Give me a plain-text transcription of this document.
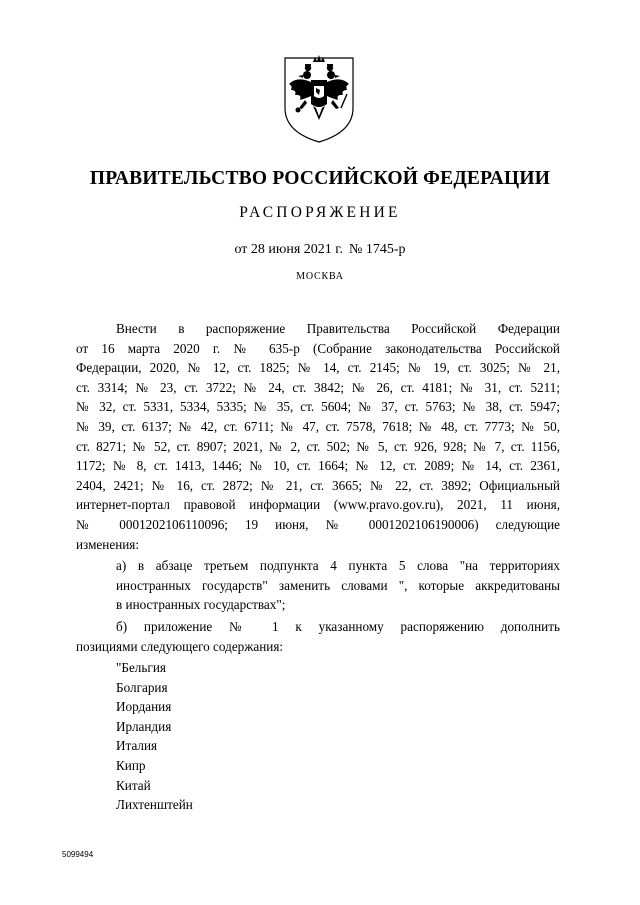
ПРАВИТЕЛЬСТВО РОССИЙСКОЙ ФЕДЕРАЦИИ
РАСПОРЯЖЕНИЕ
от 28 июня 2021 г. № 1745-р
МОСКВА

Внести в распоряжение Правительства Российской Федерации

от 16 марта 2020 г. № 635-р (Собрание законодательства Российской

Федерации, 2020, № 12, ст. 1825; № 14, ст. 2145; № 19, ст. 3025; № 21,

ст. 3314; № 23, ст. 3722; № 24, ст. 3842; № 26, ст. 4181; № 31, ст. 5211;

№ 32, ст. 5331, 5334, 5335; № 35, ст. 5604; № 37, ст. 5763; № 38, ст. 5947;

№ 39, ст. 6137; № 42, ст. 6711; № 47, ст. 7578, 7618; № 48, ст. 7773; № 50,

ст. 8271; № 52, ст. 8907; 2021, № 2, ст. 502; № 5, ст. 926, 928; № 7, ст. 1156,

1172; № 8, ст. 1413, 1446; № 10, ст. 1664; № 12, ст. 2089; № 14, ст. 2361,

2404, 2421; № 16, ст. 2872; № 21, ст. 3665; № 22, ст. 3892; Официальный

интернет-портал правовой информации (www.pravo.gov.ru), 2021, 11 июня,

№ 0001202106110096; 19 июня, № 0001202106190006) следующие

изменения:

а) в абзаце третьем подпункта 4 пункта 5 слова "на территориях

иностранных государств" заменить словами ", которые аккредитованы

в иностранных государствах";

б) приложение № 1 к указанному распоряжению дополнить

позициями следующего содержания:

"Бельгия
Болгария
Иордания
Ирландия
Италия
Кипр
Китай
Лихтенштейн
5099494
